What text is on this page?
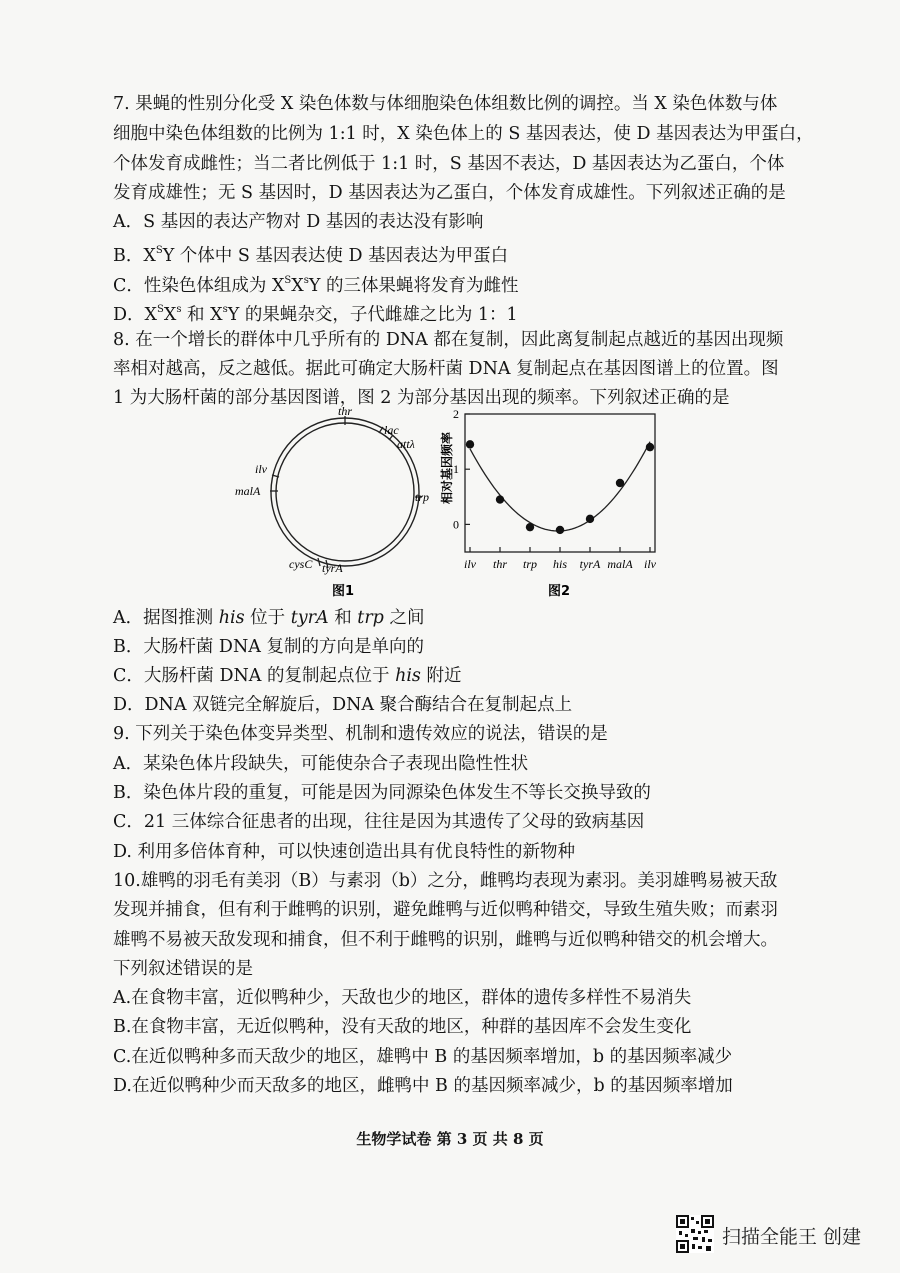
7. 果蝇的性别分化受 X 染色体数与体细胞染色体组数比例的调控。当 X 染色体数与体
细胞中染色体组数的比例为 1:1 时，X 染色体上的 S 基因表达，使 D 基因表达为甲蛋白，
个体发育成雌性；当二者比例低于 1:1 时，S 基因不表达，D 基因表达为乙蛋白，个体
发育成雄性；无 S 基因时，D 基因表达为乙蛋白，个体发育成雄性。下列叙述正确的是
A．S 基因的表达产物对 D 基因的表达没有影响
B．$X^SY$ 个体中 S 基因表达使 D 基因表达为甲蛋白
C．性染色体组成为 $X^SX^sY$ 的三体果蝇将发育为雌性
D．$X^SX^s$ 和 $X^sY$ 的果蝇杂交，子代雌雄之比为 1：1
8. 在一个增长的群体中几乎所有的 DNA 都在复制，因此离复制起点越近的基因出现频
率相对越高，反之越低。据此可确定大肠杆菌 DNA 复制起点在基因图谱上的位置。图
1 为大肠杆菌的部分基因图谱，图 2 为部分基因出现的频率。下列叙述正确的是
thr
lac
attλ
ilv
malA	trp
cysC tyrA
图1
相对基因频率
2
1
0
ilv thr trp his tyrA malA ilv
图2
A．据图推测 his 位于 tyrA 和 trp 之间
B．大肠杆菌 DNA 复制的方向是单向的
C．大肠杆菌 DNA 的复制起点位于 his 附近
D．DNA 双链完全解旋后，DNA 聚合酶结合在复制起点上
9. 下列关于染色体变异类型、机制和遗传效应的说法，错误的是
A．某染色体片段缺失，可能使杂合子表现出隐性性状
B．染色体片段的重复，可能是因为同源染色体发生不等长交换导致的
C．21 三体综合征患者的出现，往往是因为其遗传了父母的致病基因
D. 利用多倍体育种，可以快速创造出具有优良特性的新物种
10.雄鸭的羽毛有美羽（B）与素羽（b）之分，雌鸭均表现为素羽。美羽雄鸭易被天敌
发现并捕食，但有利于雌鸭的识别，避免雌鸭与近似鸭种错交，导致生殖失败；而素羽
雄鸭不易被天敌发现和捕食，但不利于雌鸭的识别，雌鸭与近似鸭种错交的机会增大。
下列叙述错误的是
A.在食物丰富，近似鸭种少，天敌也少的地区，群体的遗传多样性不易消失
B.在食物丰富，无近似鸭种，没有天敌的地区，种群的基因库不会发生变化
C.在近似鸭种多而天敌少的地区，雄鸭中 B 的基因频率增加，b 的基因频率减少
D.在近似鸭种少而天敌多的地区，雌鸭中 B 的基因频率减少，b 的基因频率增加
生物学试卷 第 3 页 共 8 页
扫描全能王 创建
